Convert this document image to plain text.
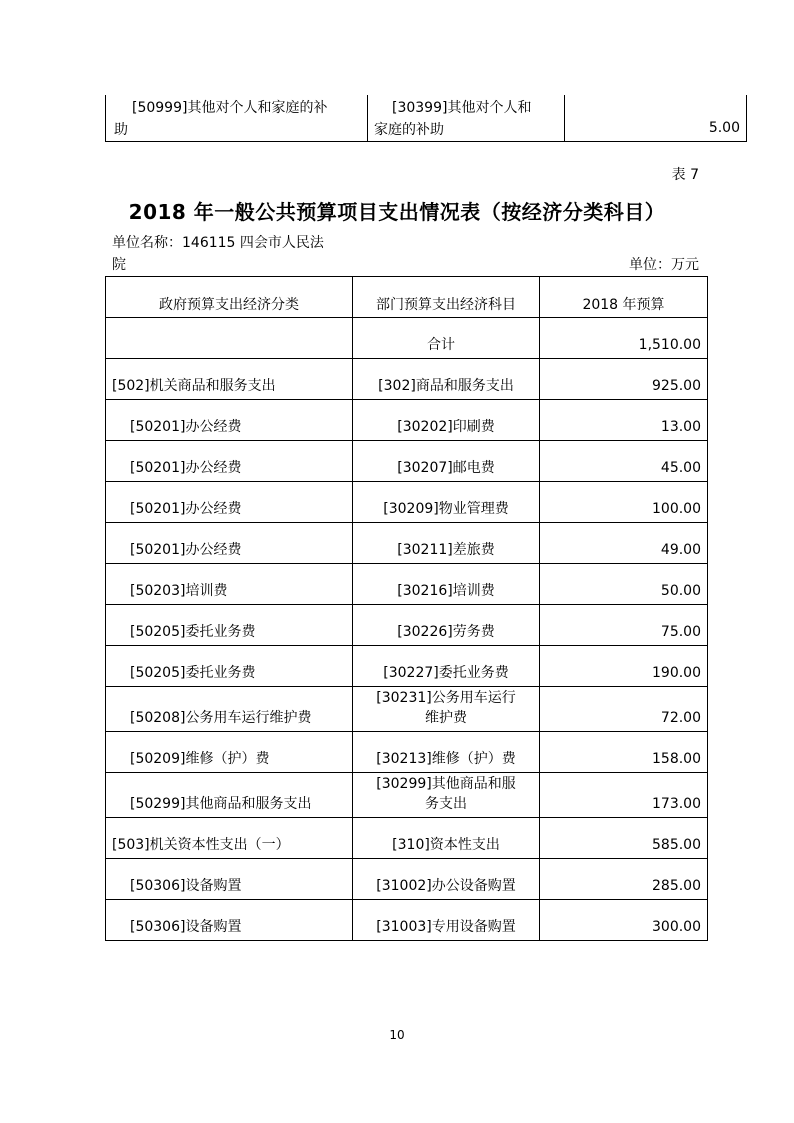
[50999]其他对个人和家庭的补
助

[30399]其他对个人和
家庭的补助	5.00
表 7
2018 年一般公共预算项目支出情况表（按经济分类科目）
单位名称：146115 四会市人民法
院	单位：万元
政府预算支出经济分类	部门预算支出经济科目	2018 年预算
	合计	1,510.00
[502]机关商品和服务支出	[302]商品和服务支出	925.00
[50201]办公经费	[30202]印刷费	13.00
[50201]办公经费	[30207]邮电费	45.00
[50201]办公经费	[30209]物业管理费	100.00
[50201]办公经费	[30211]差旅费	49.00
[50203]培训费	[30216]培训费	50.00
[50205]委托业务费	[30226]劳务费	75.00
[50205]委托业务费	[30227]委托业务费	190.00
[50208]公务用车运行维护费	[30231]公务用车运行
维护费	72.00
[50209]维修（护）费	[30213]维修（护）费	158.00
[50299]其他商品和服务支出	[30299]其他商品和服
务支出	173.00
[503]机关资本性支出（一）	[310]资本性支出	585.00
[50306]设备购置	[31002]办公设备购置	285.00
[50306]设备购置	[31003]专用设备购置	300.00
10
